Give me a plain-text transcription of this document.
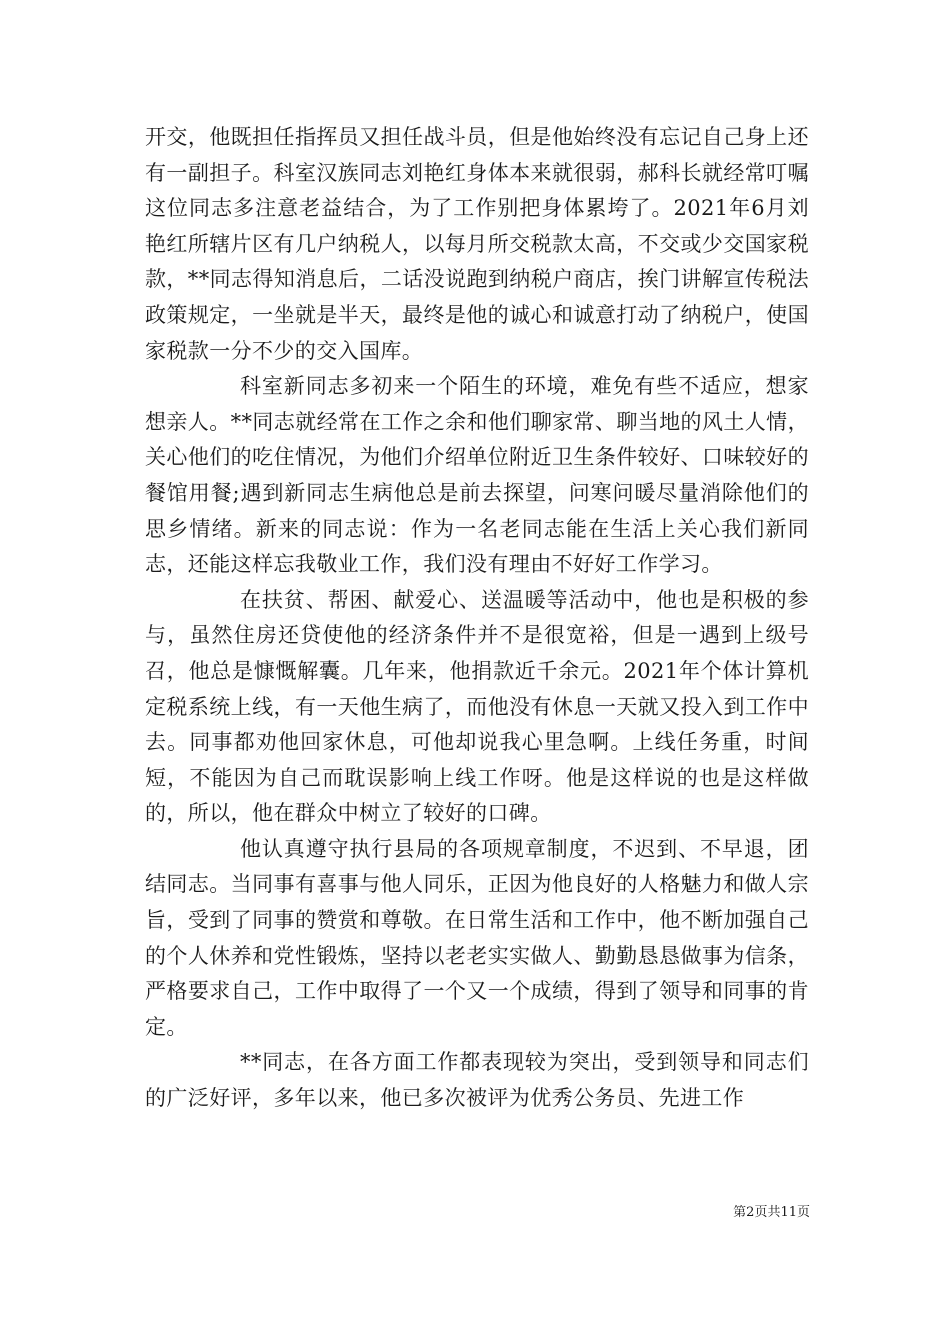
开交，他既担任指挥员又担任战斗员，但是他始终没有忘记自己身上还有一副担子。科室汉族同志刘艳红身体本来就很弱，郝科长就经常叮嘱这位同志多注意老益结合，为了工作别把身体累垮了。2021年6月刘艳红所辖片区有几户纳税人，以每月所交税款太高，不交或少交国家税款，**同志得知消息后，二话没说跑到纳税户商店，挨门讲解宣传税法政策规定，一坐就是半天，最终是他的诚心和诚意打动了纳税户，使国家税款一分不少的交入国库。

科室新同志多初来一个陌生的环境，难免有些不适应，想家想亲人。**同志就经常在工作之余和他们聊家常、聊当地的风土人情，关心他们的吃住情况，为他们介绍单位附近卫生条件较好、口味较好的餐馆用餐;遇到新同志生病他总是前去探望，问寒问暖尽量消除他们的思乡情绪。新来的同志说：作为一名老同志能在生活上关心我们新同志，还能这样忘我敬业工作，我们没有理由不好好工作学习。

在扶贫、帮困、献爱心、送温暖等活动中，他也是积极的参与，虽然住房还贷使他的经济条件并不是很宽裕，但是一遇到上级号召，他总是慷慨解囊。几年来，他捐款近千余元。2021年个体计算机定税系统上线，有一天他生病了，而他没有休息一天就又投入到工作中去。同事都劝他回家休息，可他却说我心里急啊。上线任务重，时间短，不能因为自己而耽误影响上线工作呀。他是这样说的也是这样做的，所以，他在群众中树立了较好的口碑。

他认真遵守执行县局的各项规章制度，不迟到、不早退，团结同志。当同事有喜事与他人同乐，正因为他良好的人格魅力和做人宗旨，受到了同事的赞赏和尊敬。在日常生活和工作中，他不断加强自己的个人休养和党性锻炼，坚持以老老实实做人、勤勤恳恳做事为信条，严格要求自己，工作中取得了一个又一个成绩，得到了领导和同事的肯定。

**同志，在各方面工作都表现较为突出，受到领导和同志们的广泛好评，多年以来，他已多次被评为优秀公务员、先进工作

第2页共11页
